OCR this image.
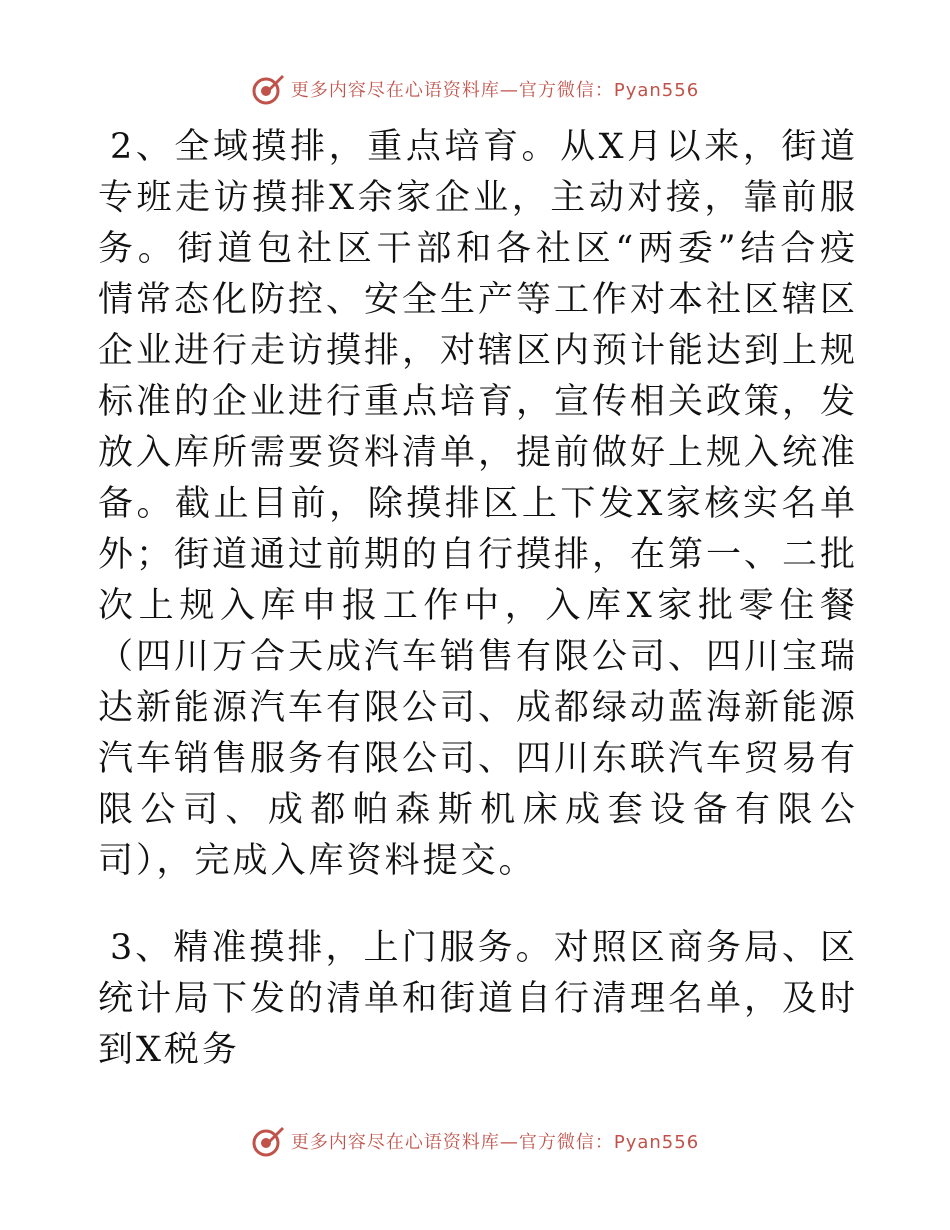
更多内容尽在心语资料库—官方微信：Pyan556

2、全域摸排，重点培育。从X月以来，街道专班走访摸排X余家企业，主动对接，靠前服务。街道包社区干部和各社区“两委”结合疫情常态化防控、安全生产等工作对本社区辖区企业进行走访摸排，对辖区内预计能达到上规标准的企业进行重点培育，宣传相关政策，发放入库所需要资料清单，提前做好上规入统准备。截止目前，除摸排区上下发X家核实名单外；街道通过前期的自行摸排，在第一、二批次上规入库申报工作中，入库X家批零住餐（四川万合天成汽车销售有限公司、四川宝瑞达新能源汽车有限公司、成都绿动蓝海新能源汽车销售服务有限公司、四川东联汽车贸易有限公司、成都帕森斯机床成套设备有限公司），完成入库资料提交。

3、精准摸排，上门服务。对照区商务局、区统计局下发的清单和街道自行清理名单，及时到X税务

更多内容尽在心语资料库—官方微信：Pyan556
